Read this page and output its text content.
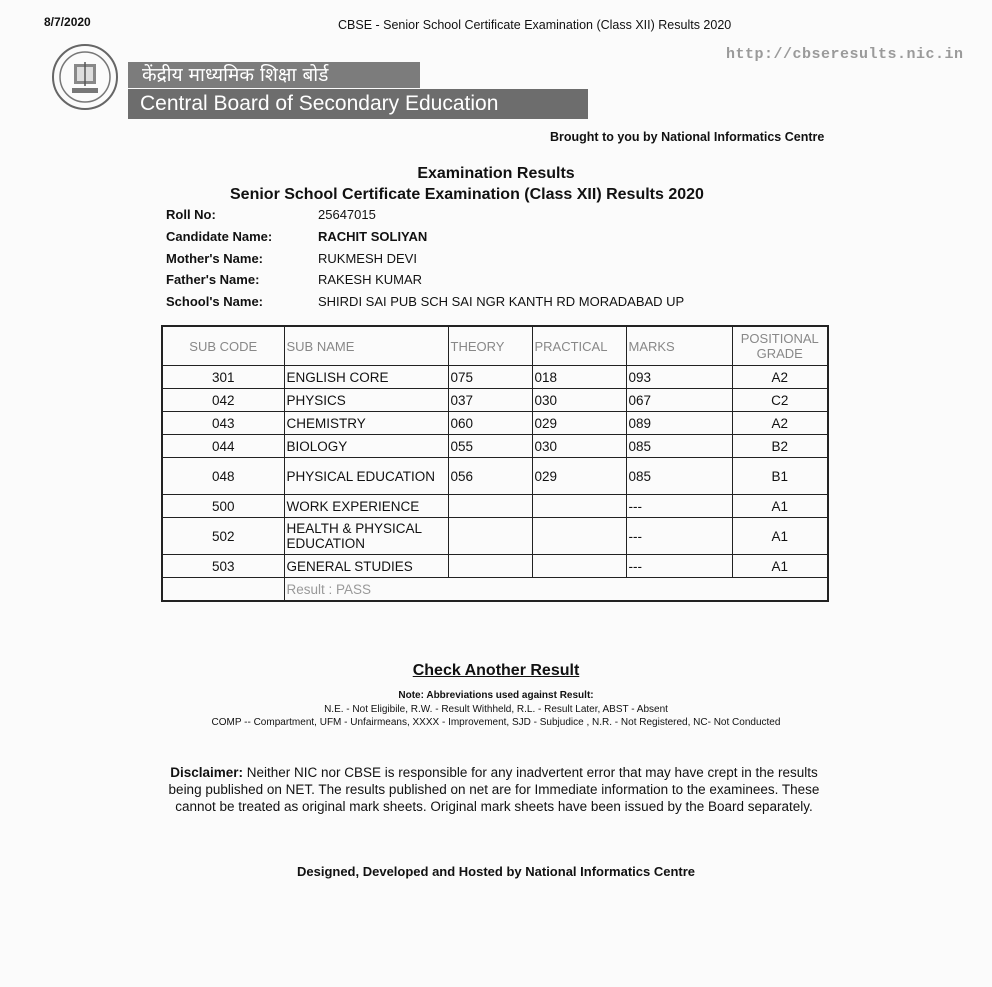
8/7/2020	CBSE - Senior School Certificate Examination (Class XII) Results 2020
http://cbseresults.nic.in
केंद्रीय माध्यमिक शिक्षा बोर्ड
Central Board of Secondary Education
Brought to you by National Informatics Centre
Examination Results
Senior School Certificate Examination (Class XII) Results 2020
Roll No:	25647015
Candidate Name:	RACHIT SOLIYAN
Mother's Name:	RUKMESH DEVI
Father's Name:	RAKESH KUMAR
School's Name:	SHIRDI SAI PUB SCH SAI NGR KANTH RD MORADABAD UP
SUB CODE	SUB NAME	THEORY	PRACTICAL	MARKS	POSITIONAL GRADE
301	ENGLISH CORE	075	018	093	A2
042	PHYSICS	037	030	067	C2
043	CHEMISTRY	060	029	089	A2
044	BIOLOGY	055	030	085	B2
048	PHYSICAL EDUCATION	056	029	085	B1
500	WORK EXPERIENCE			---	A1
502	HEALTH & PHYSICAL EDUCATION			---	A1
503	GENERAL STUDIES			---	A1
	Result : PASS				
Check Another Result
Note: Abbreviations used against Result:
N.E. - Not Eligibile, R.W. - Result Withheld, R.L. - Result Later, ABST - Absent
COMP -- Compartment, UFM - Unfairmeans, XXXX - Improvement, SJD - Subjudice , N.R. - Not Registered, NC- Not Conducted
Disclaimer: Neither NIC nor CBSE is responsible for any inadvertent error that may have crept in the results being published on NET. The results published on net are for Immediate information to the examinees. These cannot be treated as original mark sheets. Original mark sheets have been issued by the Board separately.
Designed, Developed and Hosted by National Informatics Centre
